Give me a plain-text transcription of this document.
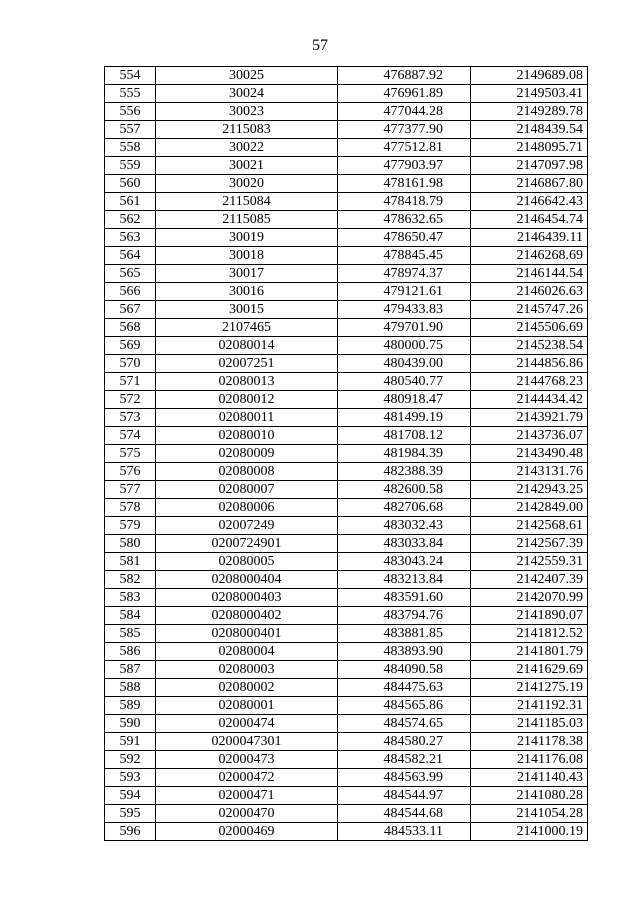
57
554	30025	476887.92	2149689.08
555	30024	476961.89	2149503.41
556	30023	477044.28	2149289.78
557	2115083	477377.90	2148439.54
558	30022	477512.81	2148095.71
559	30021	477903.97	2147097.98
560	30020	478161.98	2146867.80
561	2115084	478418.79	2146642.43
562	2115085	478632.65	2146454.74
563	30019	478650.47	2146439.11
564	30018	478845.45	2146268.69
565	30017	478974.37	2146144.54
566	30016	479121.61	2146026.63
567	30015	479433.83	2145747.26
568	2107465	479701.90	2145506.69
569	02080014	480000.75	2145238.54
570	02007251	480439.00	2144856.86
571	02080013	480540.77	2144768.23
572	02080012	480918.47	2144434.42
573	02080011	481499.19	2143921.79
574	02080010	481708.12	2143736.07
575	02080009	481984.39	2143490.48
576	02080008	482388.39	2143131.76
577	02080007	482600.58	2142943.25
578	02080006	482706.68	2142849.00
579	02007249	483032.43	2142568.61
580	0200724901	483033.84	2142567.39
581	02080005	483043.24	2142559.31
582	0208000404	483213.84	2142407.39
583	0208000403	483591.60	2142070.99
584	0208000402	483794.76	2141890.07
585	0208000401	483881.85	2141812.52
586	02080004	483893.90	2141801.79
587	02080003	484090.58	2141629.69
588	02080002	484475.63	2141275.19
589	02080001	484565.86	2141192.31
590	02000474	484574.65	2141185.03
591	0200047301	484580.27	2141178.38
592	02000473	484582.21	2141176.08
593	02000472	484563.99	2141140.43
594	02000471	484544.97	2141080.28
595	02000470	484544.68	2141054.28
596	02000469	484533.11	2141000.19
